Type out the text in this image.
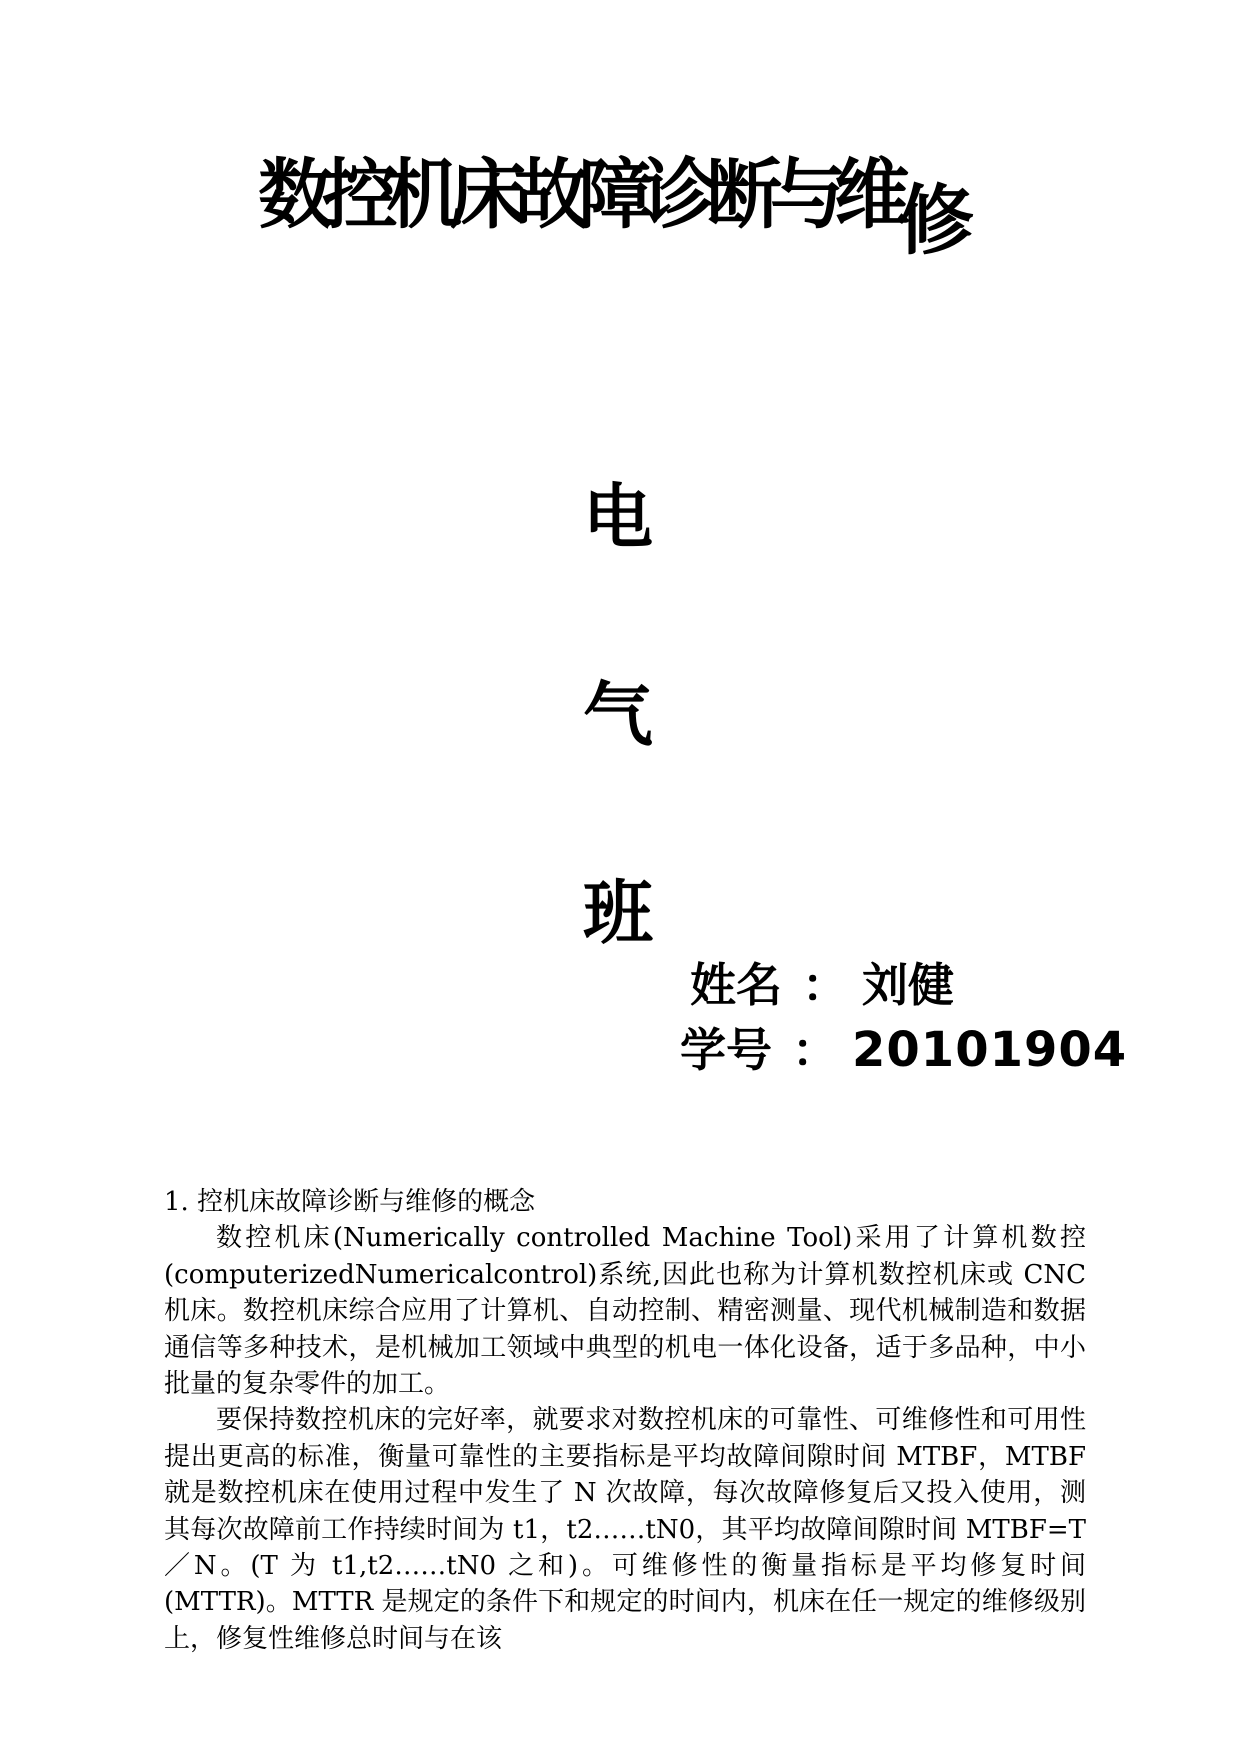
数控机床故障诊断与维修
电
气
班
姓名 ： 刘健
学号 ： 20101904

1. 控机床故障诊断与维修的概念

数控机床(Numerically controlled Machine Tool)采用了计算机数控(computerizedNumericalcontrol)系统,因此也称为计算机数控机床或 CNC 机床。数控机床综合应用了计算机、自动控制、精密测量、现代机械制造和数据通信等多种技术，是机械加工领域中典型的机电一体化设备，适于多品种，中小批量的复杂零件的加工。

要保持数控机床的完好率，就要求对数控机床的可靠性、可维修性和可用性提出更高的标准，衡量可靠性的主要指标是平均故障间隙时间 MTBF，MTBF 就是数控机床在使用过程中发生了 N 次故障，每次故障修复后又投入使用，测其每次故障前工作持续时间为 t1，t2……tN0，其平均故障间隙时间 MTBF=T／N。(T 为 t1,t2……tN0 之和)。可维修性的衡量指标是平均修复时间(MTTR)。MTTR 是规定的条件下和规定的时间内，机床在任一规定的维修级别上，修复性维修总时间与在该
